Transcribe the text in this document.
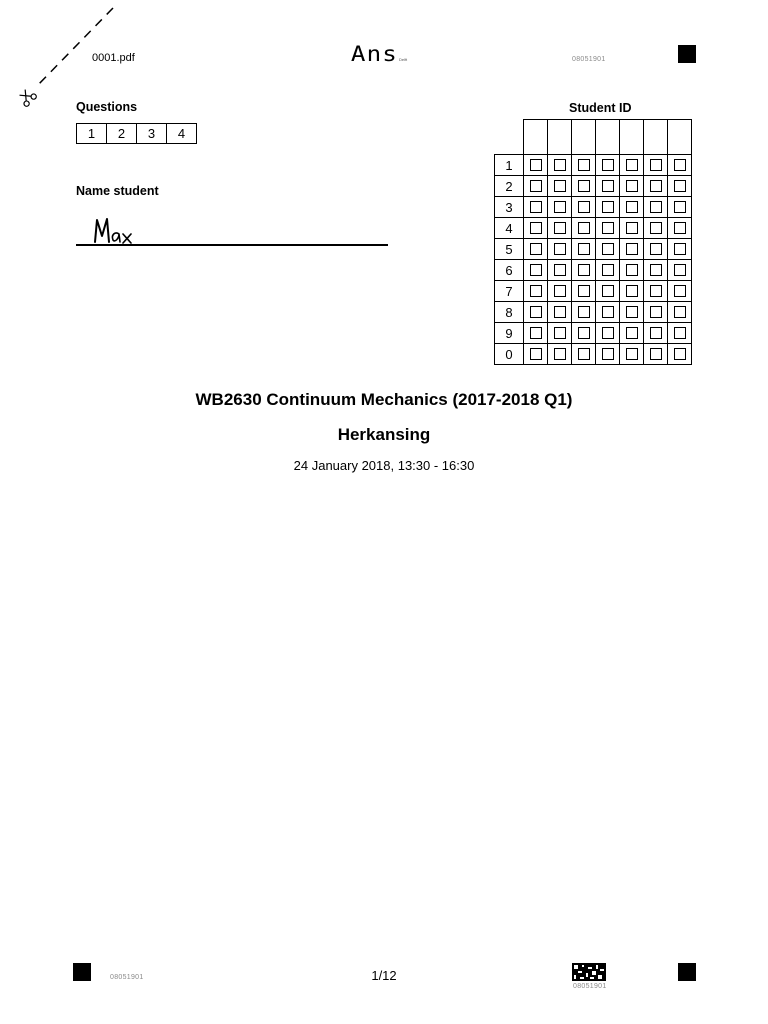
0001.pdf	AnsDelft	08051901
Questions
1	2	3	4
Name student
Student ID

1							
2							
3							
4							
5							
6							
7							
8							
9							
0							
WB2630 Continuum Mechanics (2017-2018 Q1)
Herkansing
24 January 2018, 13:30 - 16:30
08051901	1/12
08051901
